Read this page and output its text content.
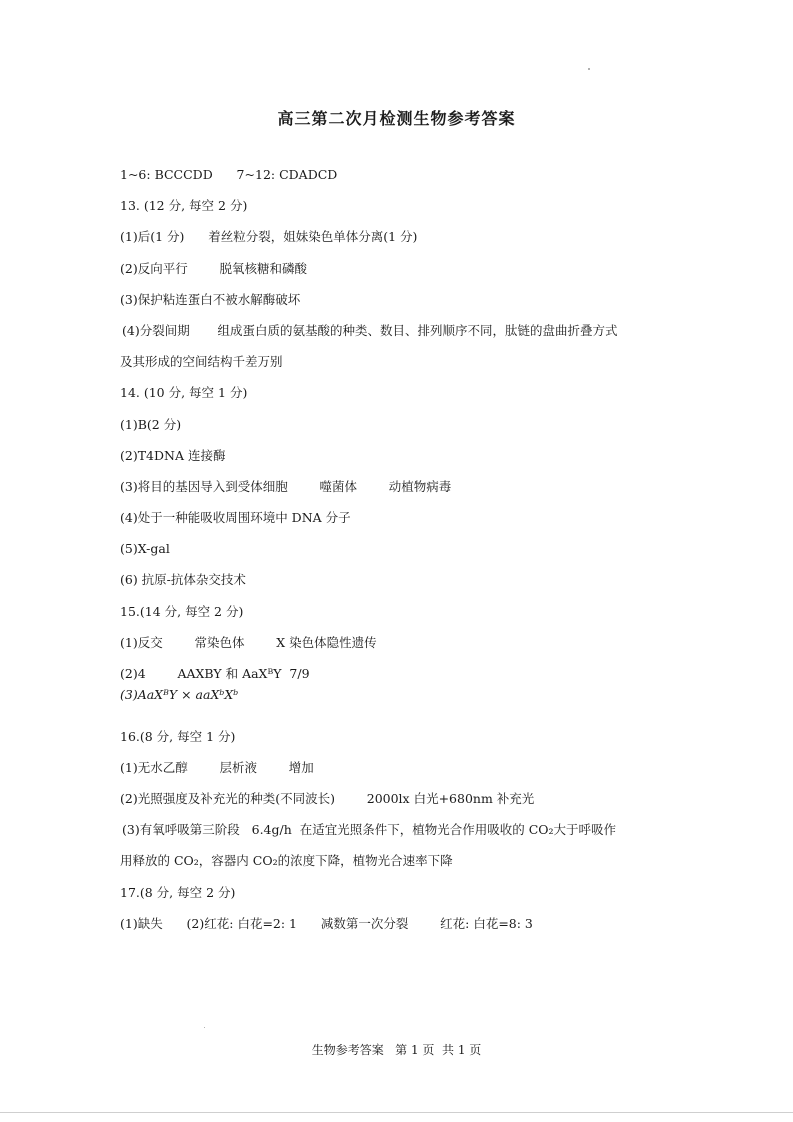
高三第二次月检测生物参考答案
1~6: BCCCDD      7~12: CDADCD
13. (12 分, 每空 2 分)
(1)后(1 分)      着丝粒分裂，姐妹染色单体分离(1 分)
(2)反向平行        脱氧核糖和磷酸
(3)保护粘连蛋白不被水解酶破坏
(4)分裂间期       组成蛋白质的氨基酸的种类、数目、排列顺序不同，肽链的盘曲折叠方式
及其形成的空间结构千差万别
14. (10 分, 每空 1 分)
(1)B(2 分)
(2)T4DNA 连接酶
(3)将目的基因导入到受体细胞        噬菌体        动植物病毒
(4)处于一种能吸收周围环境中 DNA 分子
(5)X-gal
(6) 抗原-抗体杂交技术
15.(14 分, 每空 2 分)
(1)反交        常染色体        X 染色体隐性遗传
(2)4        AAXBY 和 AaXᴮY  7/9
(3)AaXᴮY × aaXᵇXᵇ
16.(8 分, 每空 1 分)
(1)无水乙醇        层析液        增加
(2)光照强度及补充光的种类(不同波长)        2000lx 白光+680nm 补充光
(3)有氧呼吸第三阶段   6.4g/h  在适宜光照条件下，植物光合作用吸收的 CO₂大于呼吸作
用释放的 CO₂，容器内 CO₂的浓度下降，植物光合速率下降
17.(8 分, 每空 2 分)
(1)缺失      (2)红花: 白花=2: 1      减数第一次分裂        红花: 白花=8: 3
生物参考答案   第 1 页  共 1 页
